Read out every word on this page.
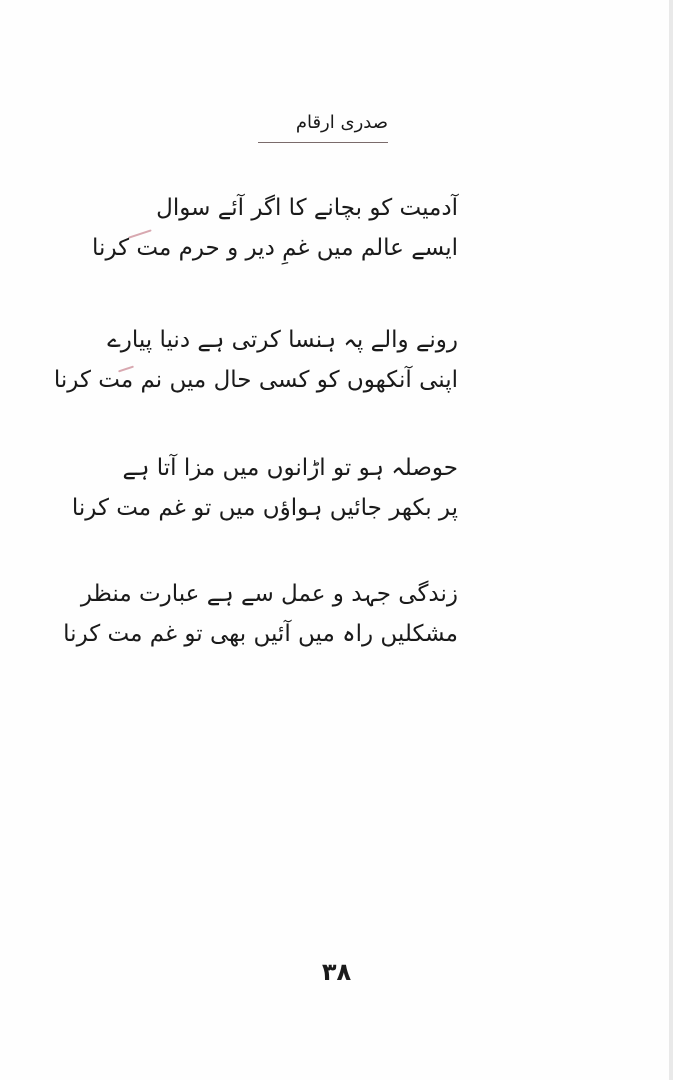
صدری ارقام
آدمیت کو بچانے کا اگر آئے سوال
ایسے عالم میں غمِ دیر و حرم مت کرنا
رونے والے پہ ہنسا کرتی ہے دنیا پیارے
اپنی آنکھوں کو کسی حال میں نم مت کرنا
حوصلہ ہو تو اڑانوں میں مزا آتا ہے
پر بکھر جائیں ہواؤں میں تو غم مت کرنا
زندگی جہد و عمل سے ہے عبارت منظر
مشکلیں راہ میں آئیں بھی تو غم مت کرنا
۳۸
